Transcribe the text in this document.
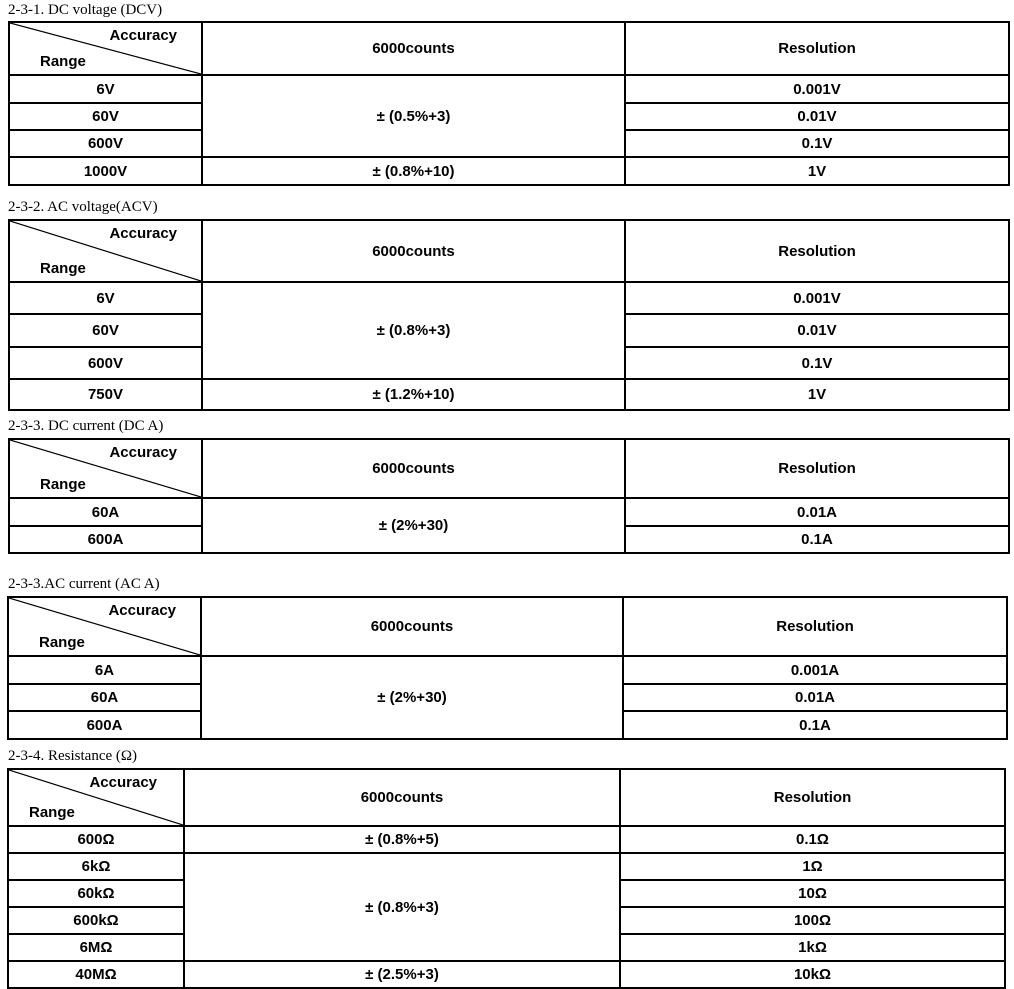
2-3-1. DC voltage (DCV)
Accuracy
Range	6000counts	Resolution
6V	± (0.5%+3)	0.001V
60V		0.01V
600V		0.1V
1000V	± (0.8%+10)	1V
2-3-2. AC voltage(ACV)
Accuracy
Range	6000counts	Resolution
6V	± (0.8%+3)	0.001V
60V		0.01V
600V		0.1V
750V	± (1.2%+10)	1V
2-3-3. DC current (DC A)
Accuracy
Range	6000counts	Resolution
60A	± (2%+30)	0.01A
600A		0.1A
2-3-3.AC current (AC A)
Accuracy
Range	6000counts	Resolution
6A	± (2%+30)	0.001A
60A		0.01A
600A		0.1A
2-3-4. Resistance (Ω)
Accuracy
Range	6000counts	Resolution
600Ω	± (0.8%+5)	0.1Ω
6kΩ	± (0.8%+3)	1Ω
60kΩ		10Ω
600kΩ		100Ω
6MΩ		1kΩ
40MΩ	± (2.5%+3)	10kΩ
